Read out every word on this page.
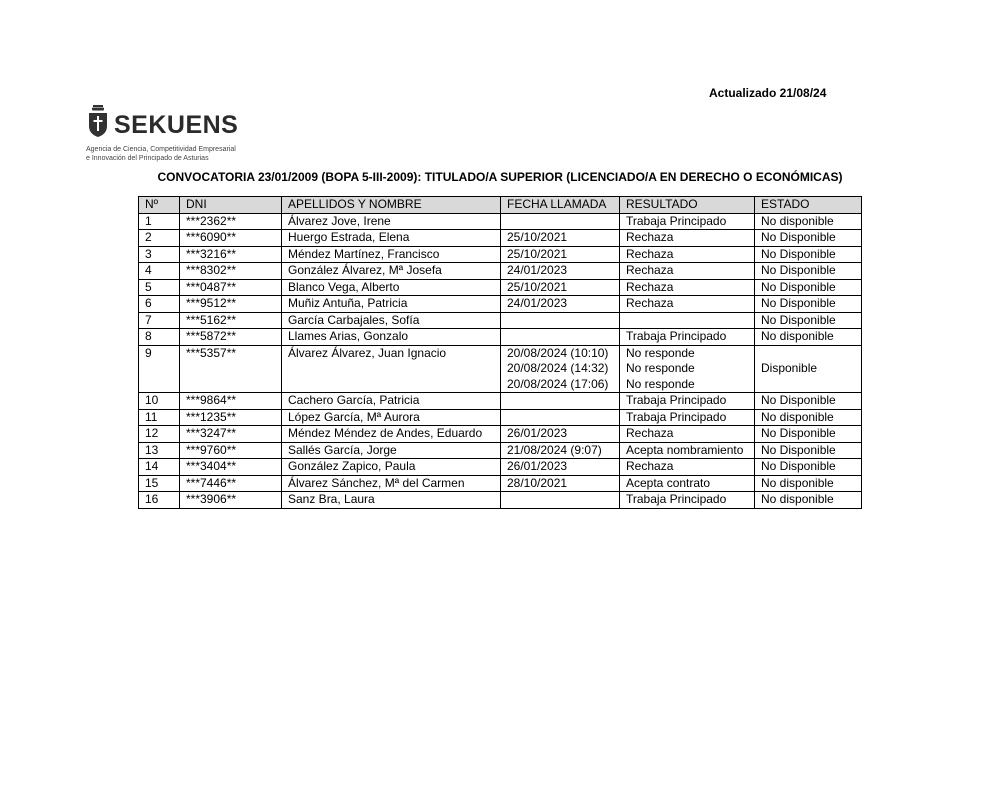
Actualizado 21/08/24
SEKUENS
Agencia de Ciencia, Competitividad Empresarial
e Innovación del Principado de Asturias
CONVOCATORIA 23/01/2009 (BOPA 5-III-2009): TITULADO/A SUPERIOR (LICENCIADO/A EN DERECHO O ECONÓMICAS)
Nº	DNI	APELLIDOS Y NOMBRE	FECHA LLAMADA	RESULTADO	ESTADO
1	***2362**	Álvarez Jove, Irene		Trabaja Principado	No disponible
2	***6090**	Huergo Estrada, Elena	25/10/2021	Rechaza	No Disponible
3	***3216**	Méndez Martínez, Francisco	25/10/2021	Rechaza	No Disponible
4	***8302**	González Álvarez, Mª Josefa	24/01/2023	Rechaza	No Disponible
5	***0487**	Blanco Vega, Alberto	25/10/2021	Rechaza	No Disponible
6	***9512**	Muñiz Antuña, Patricia	24/01/2023	Rechaza	No Disponible
7	***5162**	García Carbajales, Sofía			No Disponible
8	***5872**	Llames Arias, Gonzalo		Trabaja Principado	No disponible
9	***5357**	Álvarez Álvarez, Juan Ignacio	20/08/2024 (10:10)
20/08/2024 (14:32)
20/08/2024 (17:06)	No responde
No responde
No responde	Disponible
10	***9864**	Cachero García, Patricia		Trabaja Principado	No Disponible
11	***1235**	López García, Mª Aurora		Trabaja Principado	No disponible
12	***3247**	Méndez Méndez de Andes, Eduardo	26/01/2023	Rechaza	No Disponible
13	***9760**	Sallés García, Jorge	21/08/2024 (9:07)	Acepta nombramiento	No Disponible
14	***3404**	González Zapico, Paula	26/01/2023	Rechaza	No Disponible
15	***7446**	Álvarez Sánchez, Mª del Carmen	28/10/2021	Acepta contrato	No disponible
16	***3906**	Sanz Bra, Laura		Trabaja Principado	No disponible
